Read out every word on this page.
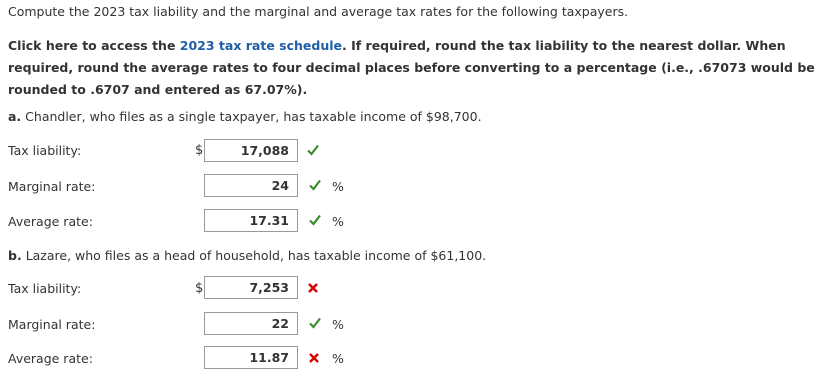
Compute the 2023 tax liability and the marginal and average tax rates for the following taxpayers.
Click here to access the 2023 tax rate schedule. If required, round the tax liability to the nearest dollar. When required, round the average rates to four decimal places before converting to a percentage (i.e., .67073 would be rounded to .6707 and entered as 67.07%).
a. Chandler, who files as a single taxpayer, has taxable income of $98,700.
Tax liability:	$	17,088
Marginal rate:	24	%
Average rate:	17.31	%
b. Lazare, who files as a head of household, has taxable income of $61,100.
Tax liability:	$	7,253
Marginal rate:	22	%
Average rate:	11.87	%
